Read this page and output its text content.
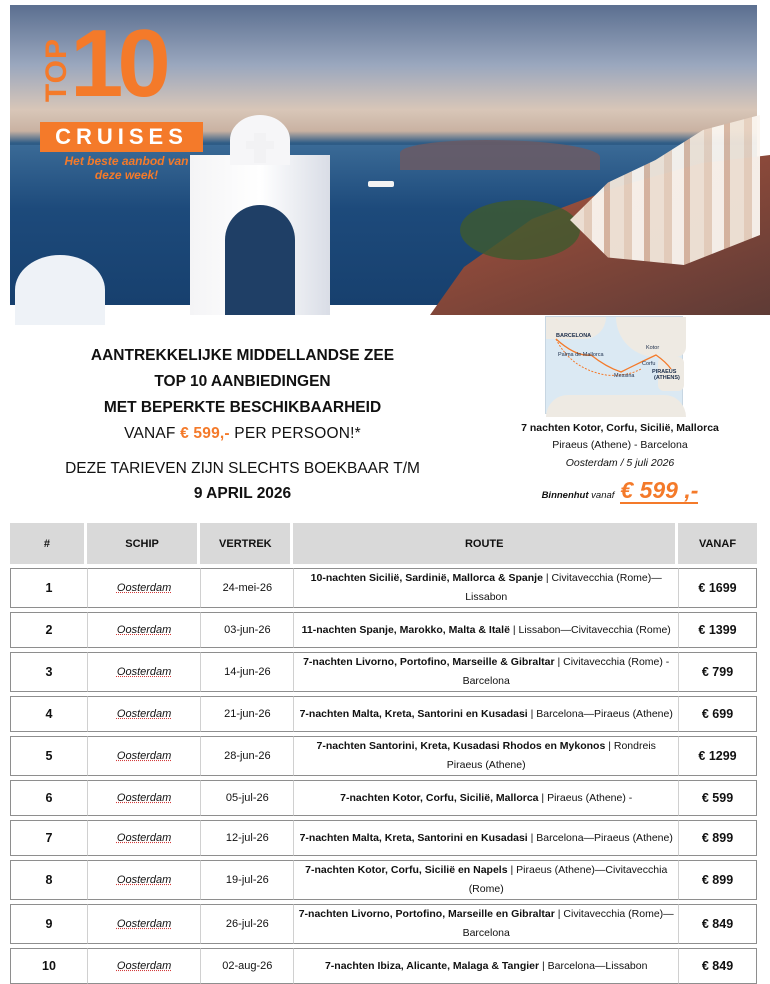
TOP
10
CRUISES
Het beste aanbod van
deze week!
AANTREKKELIJKE MIDDELLANDSE ZEE
TOP 10 AANBIEDINGEN
MET BEPERKTE BESCHIKBAARHEID
VANAF € 599,- PER PERSOON!*
DEZE TARIEVEN ZIJN SLECHTS BOEKBAAR T/M
9 APRIL 2026
BARCELONA
Palma de Mallorca
Kotor
Corfu
PIRAEUS
(ATHENS)
Messina
7 nachten Kotor, Corfu, Sicilië, Mallorca
Piraeus (Athene) - Barcelona
Oosterdam / 5 juli 2026
Binnenhut vanaf € 599 ,-
#	SCHIP	VERTREK	ROUTE	VANAF

1	Oosterdam	24-mei-26	10-nachten Sicilië, Sardinië, Mallorca & Spanje | Civitavecchia (Rome)—Lissabon	€ 1699

2	Oosterdam	03-jun-26	11-nachten Spanje, Marokko, Malta & Italë | Lissabon—Civitavecchia (Rome)	€ 1399

3	Oosterdam	14-jun-26	7-nachten Livorno, Portofino, Marseille & Gibraltar | Civitavecchia (Rome) - Barcelona	€ 799

4	Oosterdam	21-jun-26	7-nachten Malta, Kreta, Santorini en Kusadasi | Barcelona—Piraeus (Athene)	€ 699

5	Oosterdam	28-jun-26	7-nachten Santorini, Kreta, Kusadasi Rhodos en Mykonos | Rondreis Piraeus (Athene)	€ 1299

6	Oosterdam	05-jul-26	7-nachten Kotor, Corfu, Sicilië, Mallorca | Piraeus (Athene) -	€ 599

7	Oosterdam	12-jul-26	7-nachten Malta, Kreta, Santorini en Kusadasi | Barcelona—Piraeus (Athene)	€ 899

8	Oosterdam	19-jul-26	7-nachten Kotor, Corfu, Sicilië en Napels | Piraeus (Athene)—Civitavecchia (Rome)	€ 899

9	Oosterdam	26-jul-26	7-nachten Livorno, Portofino, Marseille en Gibraltar | Civitavecchia (Rome)—Barcelona	€ 849

10	Oosterdam	02-aug-26	7-nachten Ibiza, Alicante, Malaga & Tangier | Barcelona—Lissabon	€ 849
